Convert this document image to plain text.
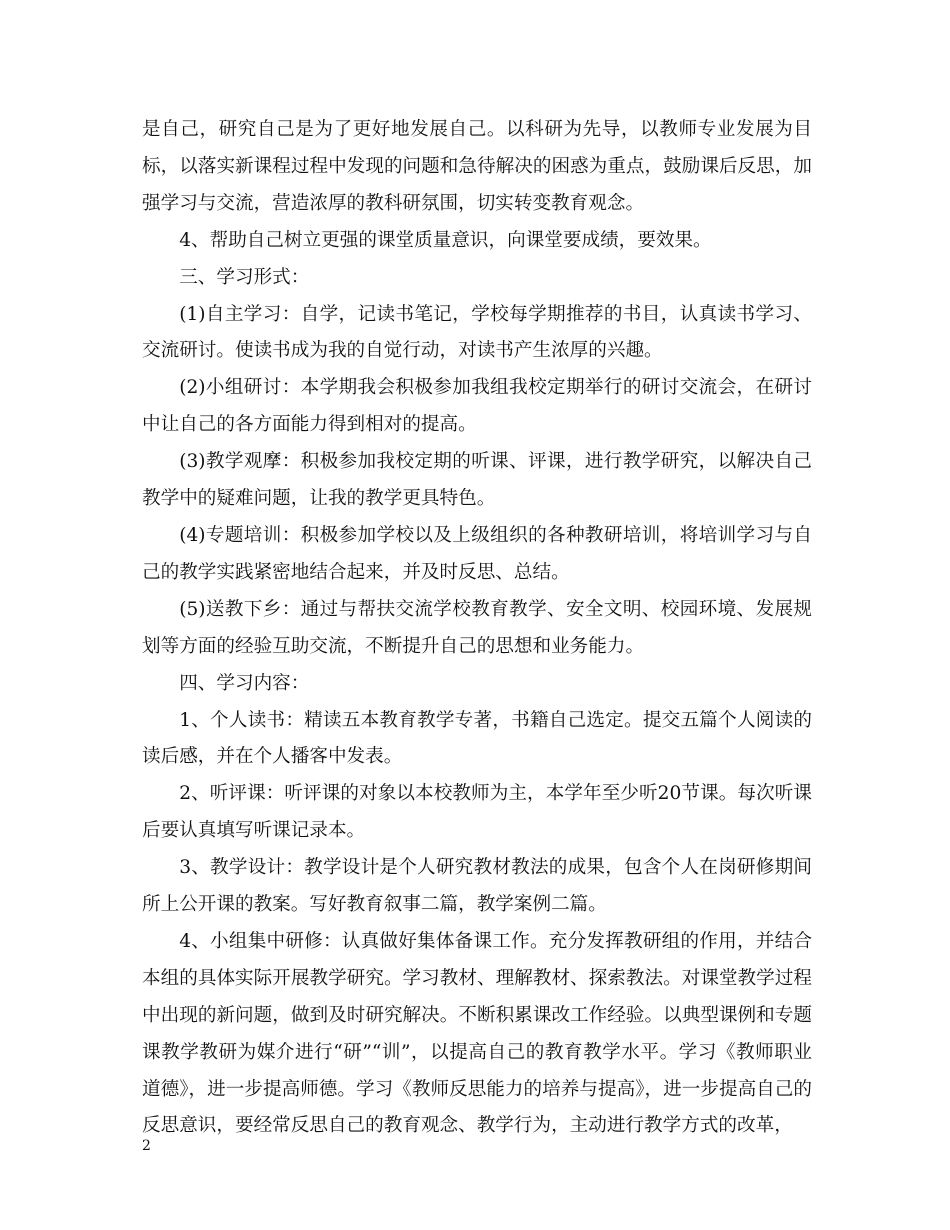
是自己，研究自己是为了更好地发展自己。以科研为先导，以教师专业发展为目标，以落实新课程过程中发现的问题和急待解决的困惑为重点，鼓励课后反思，加强学习与交流，营造浓厚的教科研氛围，切实转变教育观念。

4、帮助自己树立更强的课堂质量意识，向课堂要成绩，要效果。

三、学习形式：

(1)自主学习：自学，记读书笔记，学校每学期推荐的书目，认真读书学习、交流研讨。使读书成为我的自觉行动，对读书产生浓厚的兴趣。

(2)小组研讨：本学期我会积极参加我组我校定期举行的研讨交流会，在研讨中让自己的各方面能力得到相对的提高。

(3)教学观摩：积极参加我校定期的听课、评课，进行教学研究，以解决自己教学中的疑难问题，让我的教学更具特色。

(4)专题培训：积极参加学校以及上级组织的各种教研培训，将培训学习与自己的教学实践紧密地结合起来，并及时反思、总结。

(5)送教下乡：通过与帮扶交流学校教育教学、安全文明、校园环境、发展规划等方面的经验互助交流，不断提升自己的思想和业务能力。

四、学习内容：

1、个人读书：精读五本教育教学专著，书籍自己选定。提交五篇个人阅读的读后感，并在个人播客中发表。

2、听评课：听评课的对象以本校教师为主，本学年至少听20节课。每次听课后要认真填写听课记录本。

3、教学设计：教学设计是个人研究教材教法的成果，包含个人在岗研修期间所上公开课的教案。写好教育叙事二篇，教学案例二篇。

4、小组集中研修：认真做好集体备课工作。充分发挥教研组的作用，并结合本组的具体实际开展教学研究。学习教材、理解教材、探索教法。对课堂教学过程中出现的新问题，做到及时研究解决。不断积累课改工作经验。以典型课例和专题课教学教研为媒介进行“研”“训”，以提高自己的教育教学水平。学习《教师职业道德》，进一步提高师德。学习《教师反思能力的培养与提高》，进一步提高自己的反思意识，要经常反思自己的教育观念、教学行为，主动进行教学方式的改革，

2
